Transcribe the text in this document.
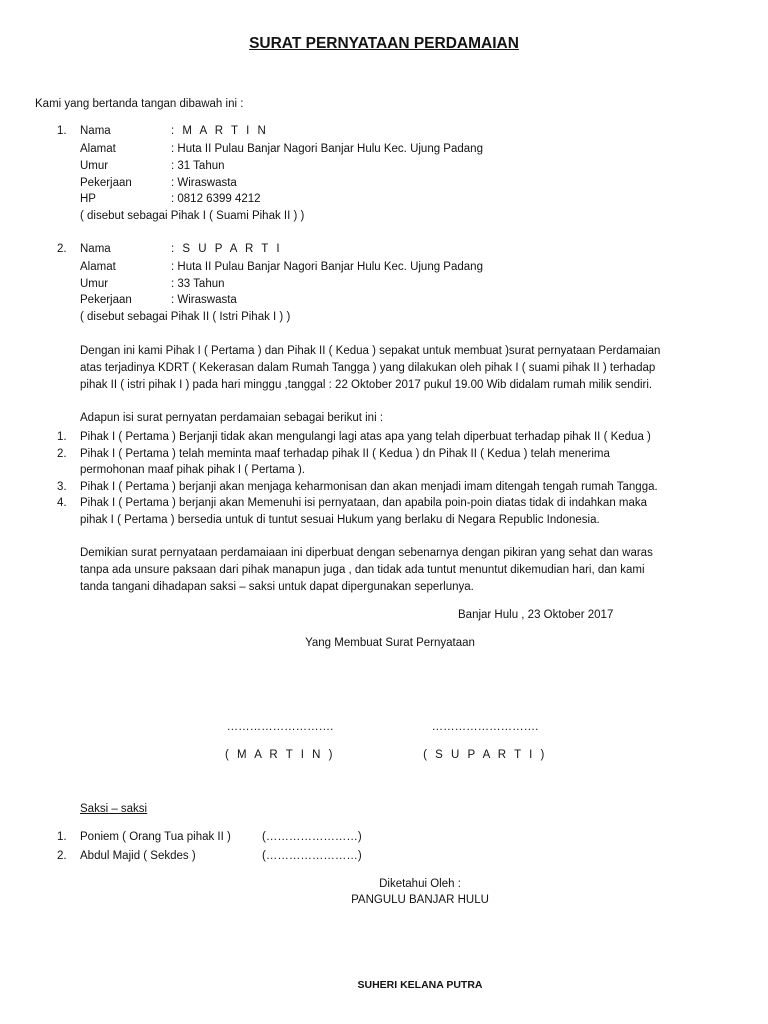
SURAT PERNYATAAN PERDAMAIAN
Kami yang bertanda tangan dibawah ini :
1. Nama	: M A R T I N
Alamat	: Huta II Pulau Banjar Nagori Banjar Hulu Kec. Ujung Padang
Umur	: 31 Tahun
Pekerjaan	: Wiraswasta
HP	: 0812 6399 4212
( disebut sebagai Pihak I ( Suami Pihak II ) )
2. Nama	: S U P A R T I
Alamat	: Huta II Pulau Banjar Nagori Banjar Hulu Kec. Ujung Padang
Umur	: 33 Tahun
Pekerjaan	: Wiraswasta
( disebut sebagai Pihak II ( Istri Pihak I ) )
Dengan ini kami Pihak I ( Pertama ) dan Pihak II ( Kedua ) sepakat untuk membuat )surat pernyataan Perdamaian
atas terjadinya KDRT ( Kekerasan dalam Rumah Tangga ) yang dilakukan oleh pihak I ( suami pihak II ) terhadap
pihak II ( istri pihak I ) pada hari minggu ,tanggal : 22 Oktober 2017 pukul 19.00 Wib didalam rumah milik sendiri.
Adapun isi surat pernyatan perdamaian sebagai berikut ini :
1. Pihak I ( Pertama ) Berjanji tidak akan mengulangi lagi atas apa yang telah diperbuat terhadap pihak II ( Kedua )
2. Pihak I ( Pertama ) telah meminta maaf terhadap pihak II ( Kedua ) dn Pihak II ( Kedua ) telah menerima
permohonan maaf pihak pihak I ( Pertama ).
3. Pihak I ( Pertama ) berjanji akan menjaga keharmonisan dan akan menjadi imam ditengah tengah rumah Tangga.
4. Pihak I ( Pertama ) berjanji akan Memenuhi isi pernyataan, dan apabila poin-poin diatas tidak di indahkan maka
pihak I ( Pertama ) bersedia untuk di tuntut sesuai Hukum yang berlaku di Negara Republic Indonesia.
Demikian surat pernyataan perdamaiaan ini diperbuat dengan sebenarnya dengan pikiran yang sehat dan waras
tanpa ada unsure paksaan dari pihak manapun juga , dan tidak ada tuntut menuntut dikemudian hari, dan kami
tanda tangani dihadapan saksi – saksi untuk dapat dipergunakan seperlunya.
Banjar Hulu , 23 Oktober 2017
Yang Membuat Surat Pernyataan
……………………….	……………………….
( M A R T I N )	( S U P A R T I )
Saksi – saksi
1. Poniem ( Orang Tua pihak II )	(……………………)
2. Abdul Majid ( Sekdes )	(……………………)
Diketahui Oleh :
PANGULU BANJAR HULU
SUHERI KELANA PUTRA
